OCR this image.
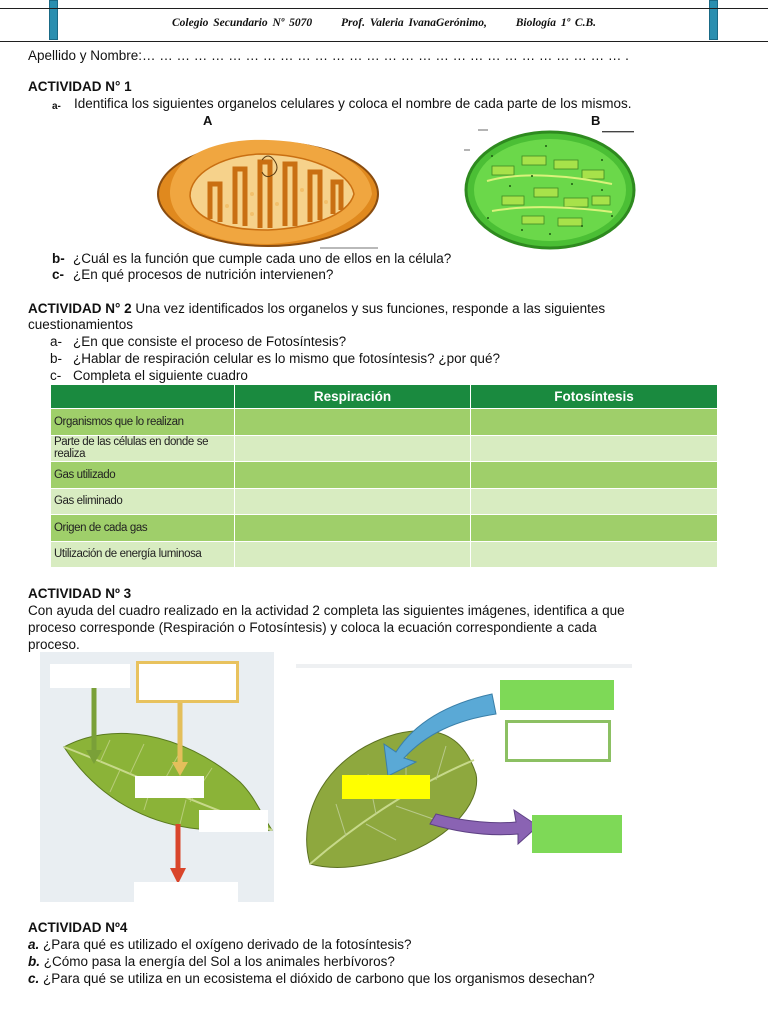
Colegio Secundario Nº 5070	Prof. Valeria IvanaGerónimo,	Biología 1º C.B.
Apellido y Nombre:… … … … … … … … … … … … … … … … … … … … … … … … … … … … .
ACTIVIDAD N° 1
a- Identifica los siguientes organelos celulares y coloca el nombre de cada parte de los mismos.
A	B
b- ¿Cuál es la función que cumple cada uno de ellos en la célula?
c- ¿En qué procesos de nutrición intervienen?
ACTIVIDAD N° 2 Una vez identificados los organelos y sus funciones, responde a las siguientes
cuestionamientos
a- ¿En que consiste el proceso de Fotosíntesis?
b- ¿Hablar de respiración celular es lo mismo que fotosíntesis? ¿por qué?
c- Completa el siguiente cuadro
	Respiración	Fotosíntesis
Organismos que lo realizan		
Parte de las células en donde se realiza		
Gas utilizado		
Gas eliminado		
Origen de cada gas		
Utilización de energía luminosa		
ACTIVIDAD Nº 3
Con ayuda del cuadro realizado en la actividad 2 completa las siguientes imágenes, identifica a que
proceso corresponde (Respiración o Fotosíntesis) y coloca la ecuación correspondiente a cada
proceso.
ACTIVIDAD Nº4
a. ¿Para qué es utilizado el oxígeno derivado de la fotosíntesis?
b. ¿Cómo pasa la energía del Sol a los animales herbívoros?
c. ¿Para qué se utiliza en un ecosistema el dióxido de carbono que los organismos desechan?
